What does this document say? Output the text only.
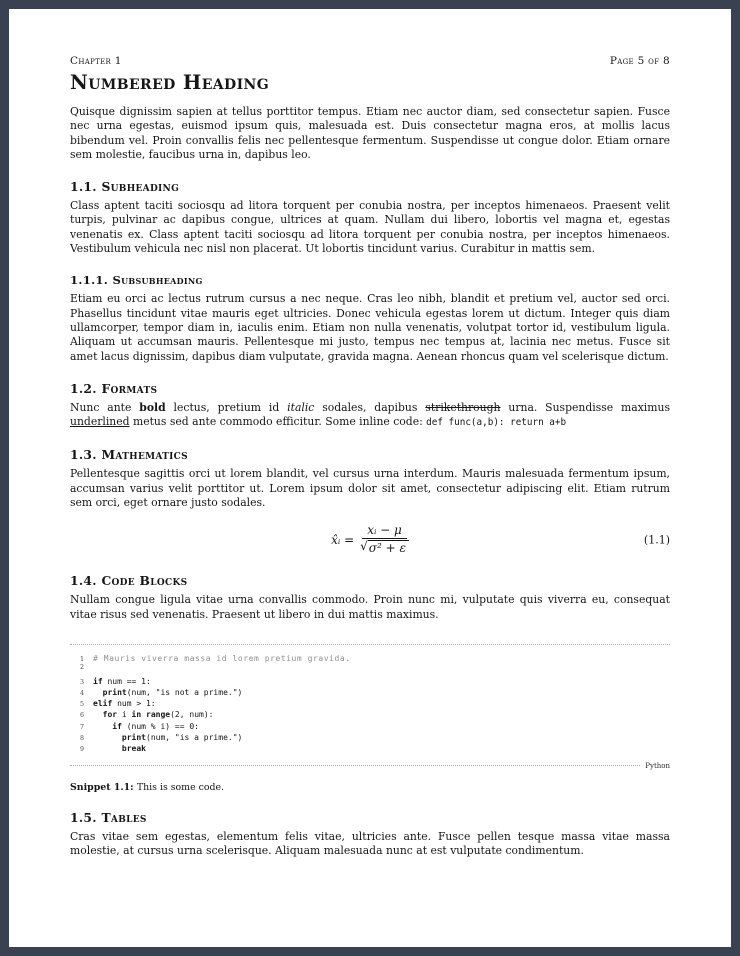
Chapter 1	Page 5 of 8
Numbered Heading

Quisque dignissim sapien at tellus porttitor tempus. Etiam nec auctor diam, sed consectetur sapien. Fusce nec urna egestas, euismod ipsum quis, malesuada est. Duis consectetur magna eros, at mollis lacus bibendum vel. Proin convallis felis nec pellentesque fermentum. Suspendisse ut congue dolor. Etiam ornare sem molestie, faucibus urna in, dapibus leo.

1.1. Subheading

Class aptent taciti sociosqu ad litora torquent per conubia nostra, per inceptos himenaeos. Praesent velit turpis, pulvinar ac dapibus congue, ultrices at quam. Nullam dui libero, lobortis vel magna et, egestas venenatis ex. Class aptent taciti sociosqu ad litora torquent per conubia nostra, per inceptos himenaeos. Vestibulum vehicula nec nisl non placerat. Ut lobortis tincidunt varius. Curabitur in mattis sem.

1.1.1. Subsubheading

Etiam eu orci ac lectus rutrum cursus a nec neque. Cras leo nibh, blandit et pretium vel, auctor sed orci. Phasellus tincidunt vitae mauris eget ultricies. Donec vehicula egestas lorem ut dictum. Integer quis diam ullamcorper, tempor diam in, iaculis enim. Etiam non nulla venenatis, volutpat tortor id, vestibulum ligula. Aliquam ut accumsan mauris. Pellentesque mi justo, tempus nec tempus at, lacinia nec metus. Fusce sit amet lacus dignissim, dapibus diam vulputate, gravida magna. Aenean rhoncus quam vel scelerisque dictum.

1.2. Formats

Nunc ante bold lectus, pretium id italic sodales, dapibus strikethrough urna. Suspendisse maximus underlined metus sed ante commodo efficitur. Some inline code: def func(a,b): return a+b

1.3. Mathematics

Pellentesque sagittis orci ut lorem blandit, vel cursus urna interdum. Mauris malesuada fermentum ipsum, accumsan varius velit porttitor ut. Lorem ipsum dolor sit amet, consectetur adipiscing elit. Etiam rutrum sem orci, eget ornare justo sodales.

x̂ᵢ = $\frac{\text{xᵢ − μ}}{\text{√ σ² + ε}}$	(1.1)
1.4. Code Blocks

Nullam congue ligula vitae urna convallis commodo. Proin nunc mi, vulputate quis viverra eu, consequat vitae risus sed venenatis. Praesent ut libero in dui mattis maximus.

1 # Mauris viverra massa id lorem pretium gravida.
2
3 if num == 1:
4	print(num, "is not a prime.")
5 elif num > 1:
6	for i in range(2, num):
7	if (num % i) == 0:
8	print(num, "is a prime.")
9	break
Python
Snippet 1.1: This is some code.
1.5. Tables

Cras vitae sem egestas, elementum felis vitae, ultricies ante. Fusce pellen tesque massa vitae massa molestie, at cursus urna scelerisque. Aliquam malesuada nunc at est vulputate condimentum.
